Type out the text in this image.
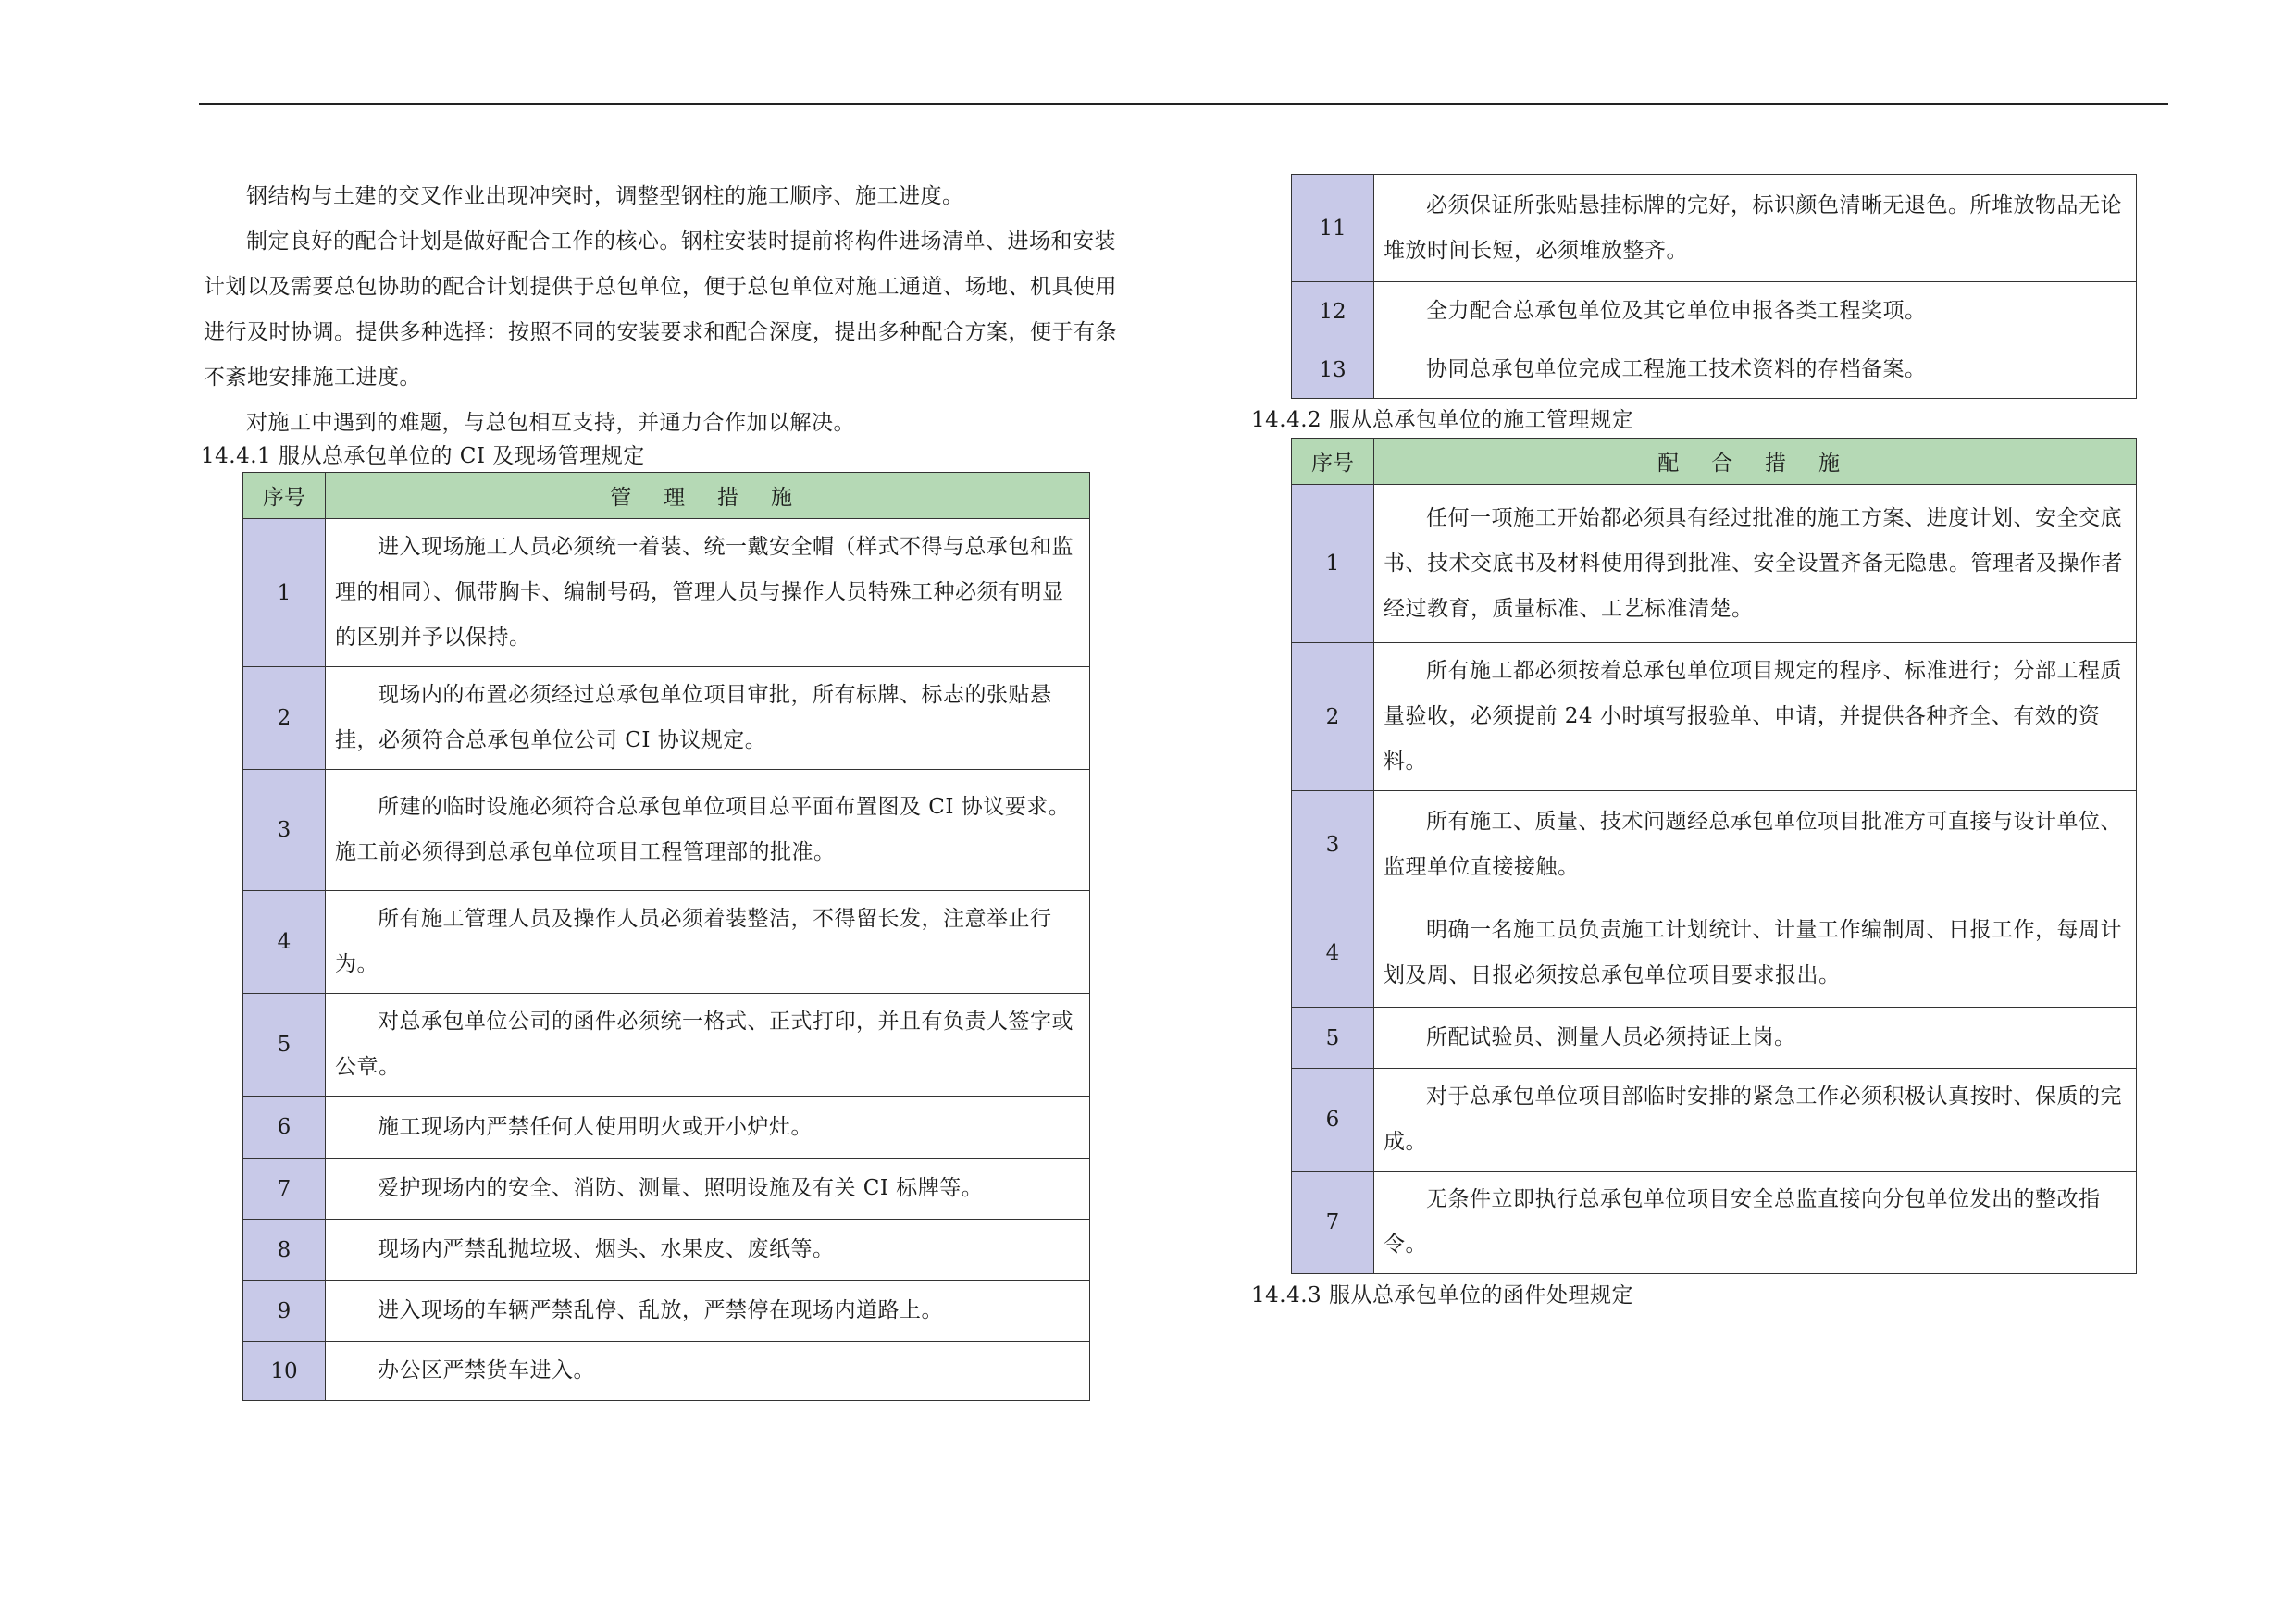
钢结构与土建的交叉作业出现冲突时，调整型钢柱的施工顺序、施工进度。

制定良好的配合计划是做好配合工作的核心。钢柱安装时提前将构件进场清单、进场和安装计划以及需要总包协助的配合计划提供于总包单位，便于总包单位对施工通道、场地、机具使用进行及时协调。提供多种选择：按照不同的安装要求和配合深度，提出多种配合方案，便于有条不紊地安排施工进度。

对施工中遇到的难题，与总包相互支持，并通力合作加以解决。

14.4.1 服从总承包单位的 CI 及现场管理规定

序号	管 理 措 施
1	进入现场施工人员必须统一着装、统一戴安全帽（样式不得与总承包和监理的相同）、佩带胸卡、编制号码，管理人员与操作人员特殊工种必须有明显的区别并予以保持。
2	现场内的布置必须经过总承包单位项目审批，所有标牌、标志的张贴悬挂，必须符合总承包单位公司 CI 协议规定。
3	所建的临时设施必须符合总承包单位项目总平面布置图及 CI 协议要求。施工前必须得到总承包单位项目工程管理部的批准。
4	所有施工管理人员及操作人员必须着装整洁，不得留长发，注意举止行为。
5	对总承包单位公司的函件必须统一格式、正式打印，并且有负责人签字或公章。
6	施工现场内严禁任何人使用明火或开小炉灶。
7	爱护现场内的安全、消防、测量、照明设施及有关 CI 标牌等。
8	现场内严禁乱抛垃圾、烟头、水果皮、废纸等。
9	进入现场的车辆严禁乱停、乱放，严禁停在现场内道路上。
10	办公区严禁货车进入。
11	必须保证所张贴悬挂标牌的完好，标识颜色清晰无退色。所堆放物品无论堆放时间长短，必须堆放整齐。
12	全力配合总承包单位及其它单位申报各类工程奖项。
13	协同总承包单位完成工程施工技术资料的存档备案。

14.4.2 服从总承包单位的施工管理规定

序号	配 合 措 施
1	任何一项施工开始都必须具有经过批准的施工方案、进度计划、安全交底书、技术交底书及材料使用得到批准、安全设置齐备无隐患。管理者及操作者经过教育，质量标准、工艺标准清楚。
2	所有施工都必须按着总承包单位项目规定的程序、标准进行；分部工程质量验收，必须提前 24 小时填写报验单、申请，并提供各种齐全、有效的资料。
3	所有施工、质量、技术问题经总承包单位项目批准方可直接与设计单位、监理单位直接接触。
4	明确一名施工员负责施工计划统计、计量工作编制周、日报工作，每周计划及周、日报必须按总承包单位项目要求报出。
5	所配试验员、测量人员必须持证上岗。
6	对于总承包单位项目部临时安排的紧急工作必须积极认真按时、保质的完成。
7	无条件立即执行总承包单位项目安全总监直接向分包单位发出的整改指令。

14.4.3 服从总承包单位的函件处理规定
